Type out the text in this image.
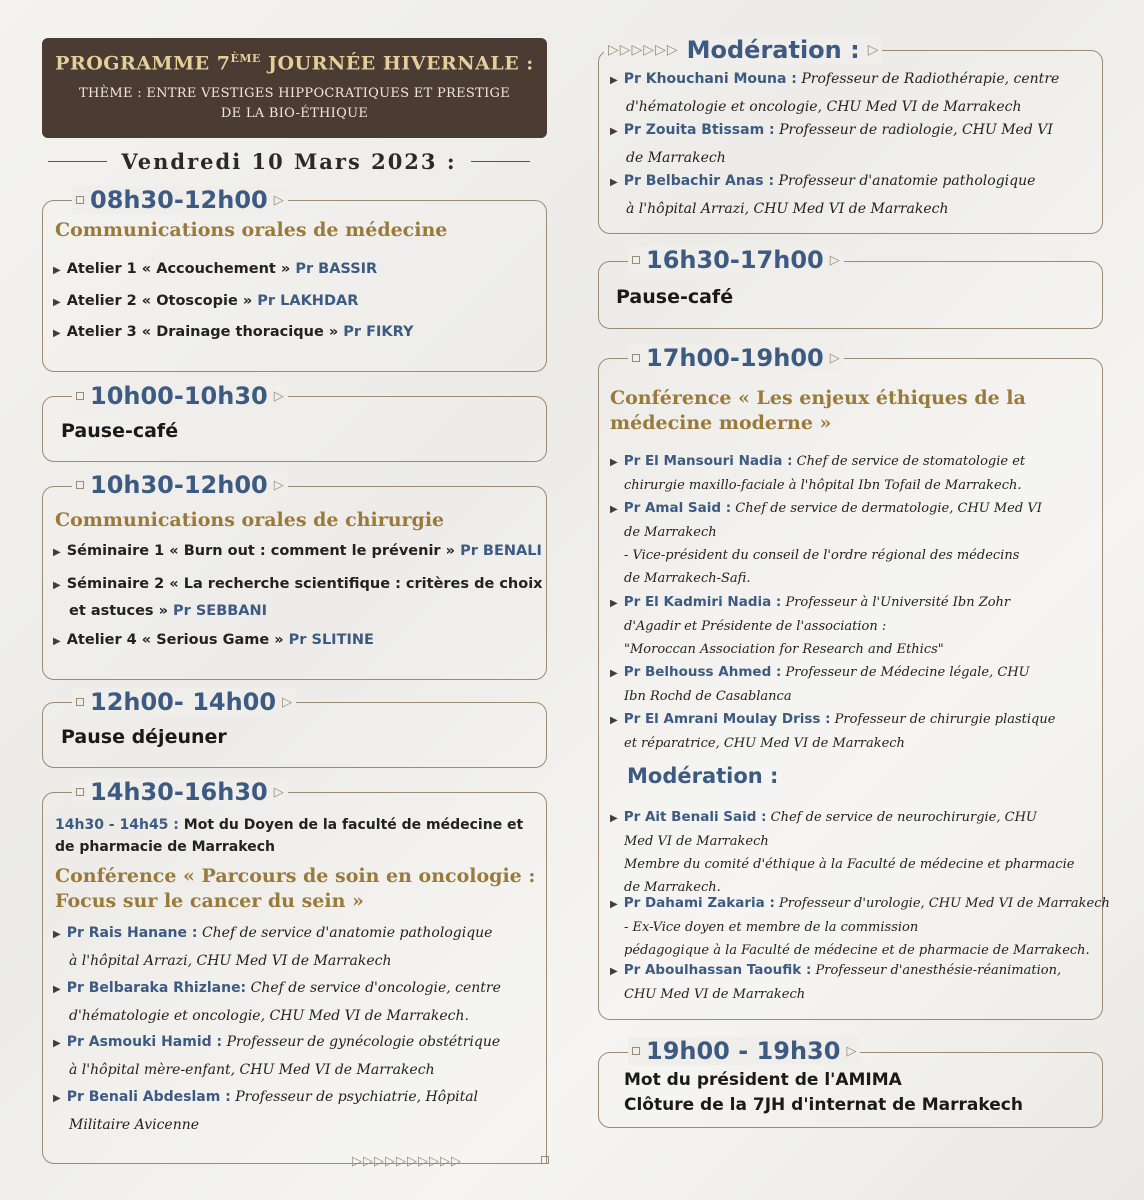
PROGRAMME 7ÈME JOURNÉE HIVERNALE :
THÈME : ENTRE VESTIGES HIPPOCRATIQUES ET PRESTIGE
DE LA BIO-ÉTHIQUE
Vendredi 10 Mars 2023 :
08h30-12h00 ▷
Communications orales de médecine
▶ Atelier 1 « Accouchement » Pr BASSIR
▶ Atelier 2 « Otoscopie » Pr LAKHDAR
▶ Atelier 3 « Drainage thoracique » Pr FIKRY
10h00-10h30 ▷
Pause-café
10h30-12h00 ▷
Communications orales de chirurgie
▶ Séminaire 1 « Burn out : comment le prévenir » Pr BENALI
▶ Séminaire 2 « La recherche scientifique : critères de choix
et astuces » Pr SEBBANI
▶ Atelier 4 « Serious Game » Pr SLITINE
12h00- 14h00 ▷
Pause déjeuner
14h30-16h30 ▷
14h30 - 14h45 : Mot du Doyen de la faculté de médecine et
de pharmacie de Marrakech
Conférence « Parcours de soin en oncologie :
Focus sur le cancer du sein »
▶ Pr Rais Hanane : Chef de service d'anatomie pathologique
à l'hôpital Arrazi, CHU Med VI de Marrakech
▶ Pr Belbaraka Rhizlane: Chef de service d'oncologie, centre
d'hématologie et oncologie, CHU Med VI de Marrakech.
▶ Pr Asmouki Hamid : Professeur de gynécologie obstétrique
à l'hôpital mère-enfant, CHU Med VI de Marrakech
▶ Pr Benali Abdeslam : Professeur de psychiatrie, Hôpital
Militaire Avicenne
▷▷▷▷▷▷▷▷▷▷
▷▷▷▷▷▷ Modération : ▷
▶ Pr Khouchani Mouna : Professeur de Radiothérapie, centre
d'hématologie et oncologie, CHU Med VI de Marrakech
▶ Pr Zouita Btissam : Professeur de radiologie, CHU Med VI
de Marrakech
▶ Pr Belbachir Anas : Professeur d'anatomie pathologique
à l'hôpital Arrazi, CHU Med VI de Marrakech
16h30-17h00 ▷
Pause-café
17h00-19h00 ▷
Conférence « Les enjeux éthiques de la
médecine moderne »
▶ Pr El Mansouri Nadia : Chef de service de stomatologie et
chirurgie maxillo-faciale à l'hôpital Ibn Tofail de Marrakech.
▶ Pr Amal Said : Chef de service de dermatologie, CHU Med VI
de Marrakech
- Vice-président du conseil de l'ordre régional des médecins
de Marrakech-Safi.
▶ Pr El Kadmiri Nadia : Professeur à l'Université Ibn Zohr
d'Agadir et Présidente de l'association :
"Moroccan Association for Research and Ethics"
▶ Pr Belhouss Ahmed : Professeur de Médecine légale, CHU
Ibn Rochd de Casablanca
▶ Pr El Amrani Moulay Driss : Professeur de chirurgie plastique
et réparatrice, CHU Med VI de Marrakech
Modération :
▶ Pr Ait Benali Said : Chef de service de neurochirurgie, CHU
Med VI de Marrakech
Membre du comité d'éthique à la Faculté de médecine et pharmacie
de Marrakech.
▶ Pr Dahami Zakaria : Professeur d'urologie, CHU Med VI de Marrakech
- Ex-Vice doyen et membre de la commission
pédagogique à la Faculté de médecine et de pharmacie de Marrakech.
▶ Pr Aboulhassan Taoufik : Professeur d'anesthésie-réanimation,
CHU Med VI de Marrakech
19h00 - 19h30 ▷
Mot du président de l'AMIMA
Clôture de la 7JH d'internat de Marrakech
